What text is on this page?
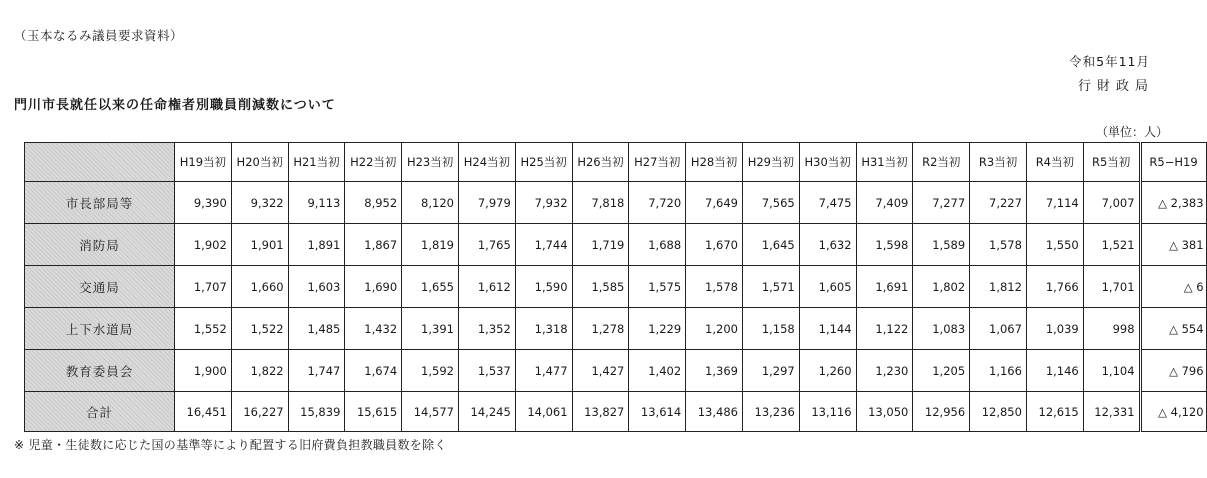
（玉本なるみ議員要求資料）
令和5年11月
行財政局
門川市長就任以来の任命権者別職員削減数について
（単位：人）
	H19当初	H20当初	H21当初	H22当初	H23当初	H24当初	H25当初	H26当初	H27当初	H28当初	H29当初	H30当初	H31当初	R2当初	R3当初	R4当初	R5当初	R5−H19
市長部局等	9,390	9,322	9,113	8,952	8,120	7,979	7,932	7,818	7,720	7,649	7,565	7,475	7,409	7,277	7,227	7,114	7,007	△ 2,383
消防局	1,902	1,901	1,891	1,867	1,819	1,765	1,744	1,719	1,688	1,670	1,645	1,632	1,598	1,589	1,578	1,550	1,521	△ 381
交通局	1,707	1,660	1,603	1,690	1,655	1,612	1,590	1,585	1,575	1,578	1,571	1,605	1,691	1,802	1,812	1,766	1,701	△ 6
上下水道局	1,552	1,522	1,485	1,432	1,391	1,352	1,318	1,278	1,229	1,200	1,158	1,144	1,122	1,083	1,067	1,039	998	△ 554
教育委員会	1,900	1,822	1,747	1,674	1,592	1,537	1,477	1,427	1,402	1,369	1,297	1,260	1,230	1,205	1,166	1,146	1,104	△ 796
合計	16,451	16,227	15,839	15,615	14,577	14,245	14,061	13,827	13,614	13,486	13,236	13,116	13,050	12,956	12,850	12,615	12,331	△ 4,120
※ 児童・生徒数に応じた国の基準等により配置する旧府費負担教職員数を除く
